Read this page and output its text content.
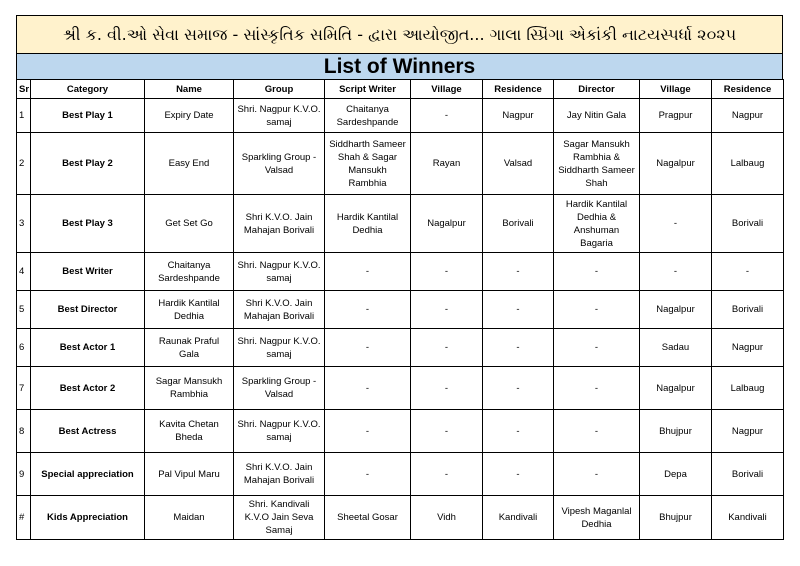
શ્રી ક. વી.ઓ સેવા સમાજ - સાંસ્કૃતિક સમિતિ - દ્વારા આયોજીત... ગાલા સ્પ્રિંગા એકાંકી નાટયસ્પર્ધા ૨૦૨૫
List of Winners
Sr	Category	Name	Group	Script Writer	Village	Residence	Director	Village	Residence
1	Best Play 1	Expiry Date	Shri. Nagpur K.V.O. samaj	Chaitanya Sardeshpande	-	Nagpur	Jay Nitin Gala	Pragpur	Nagpur
2	Best Play 2	Easy End	Sparkling Group - Valsad	Siddharth Sameer Shah & Sagar Mansukh Rambhia	Rayan	Valsad	Sagar Mansukh Rambhia & Siddharth Sameer Shah	Nagalpur	Lalbaug
3	Best Play 3	Get Set Go	Shri K.V.O. Jain Mahajan Borivali	Hardik Kantilal Dedhia	Nagalpur	Borivali	Hardik Kantilal Dedhia & Anshuman Bagaria	-	Borivali
4	Best Writer	Chaitanya Sardeshpande	Shri. Nagpur K.V.O. samaj	-	-	-	-	-	-
5	Best Director	Hardik Kantilal Dedhia	Shri K.V.O. Jain Mahajan Borivali	-	-	-	-	Nagalpur	Borivali
6	Best Actor 1	Raunak Praful Gala	Shri. Nagpur K.V.O. samaj	-	-	-	-	Sadau	Nagpur
7	Best Actor 2	Sagar Mansukh Rambhia	Sparkling Group - Valsad	-	-	-	-	Nagalpur	Lalbaug
8	Best Actress	Kavita Chetan Bheda	Shri. Nagpur K.V.O. samaj	-	-	-	-	Bhujpur	Nagpur
9	Special appreciation	Pal Vipul Maru	Shri K.V.O. Jain Mahajan Borivali	-	-	-	-	Depa	Borivali
#	Kids Appreciation	Maidan	Shri. Kandivali K.V.O Jain Seva Samaj	Sheetal Gosar	Vidh	Kandivali	Vipesh Maganlal Dedhia	Bhujpur	Kandivali
